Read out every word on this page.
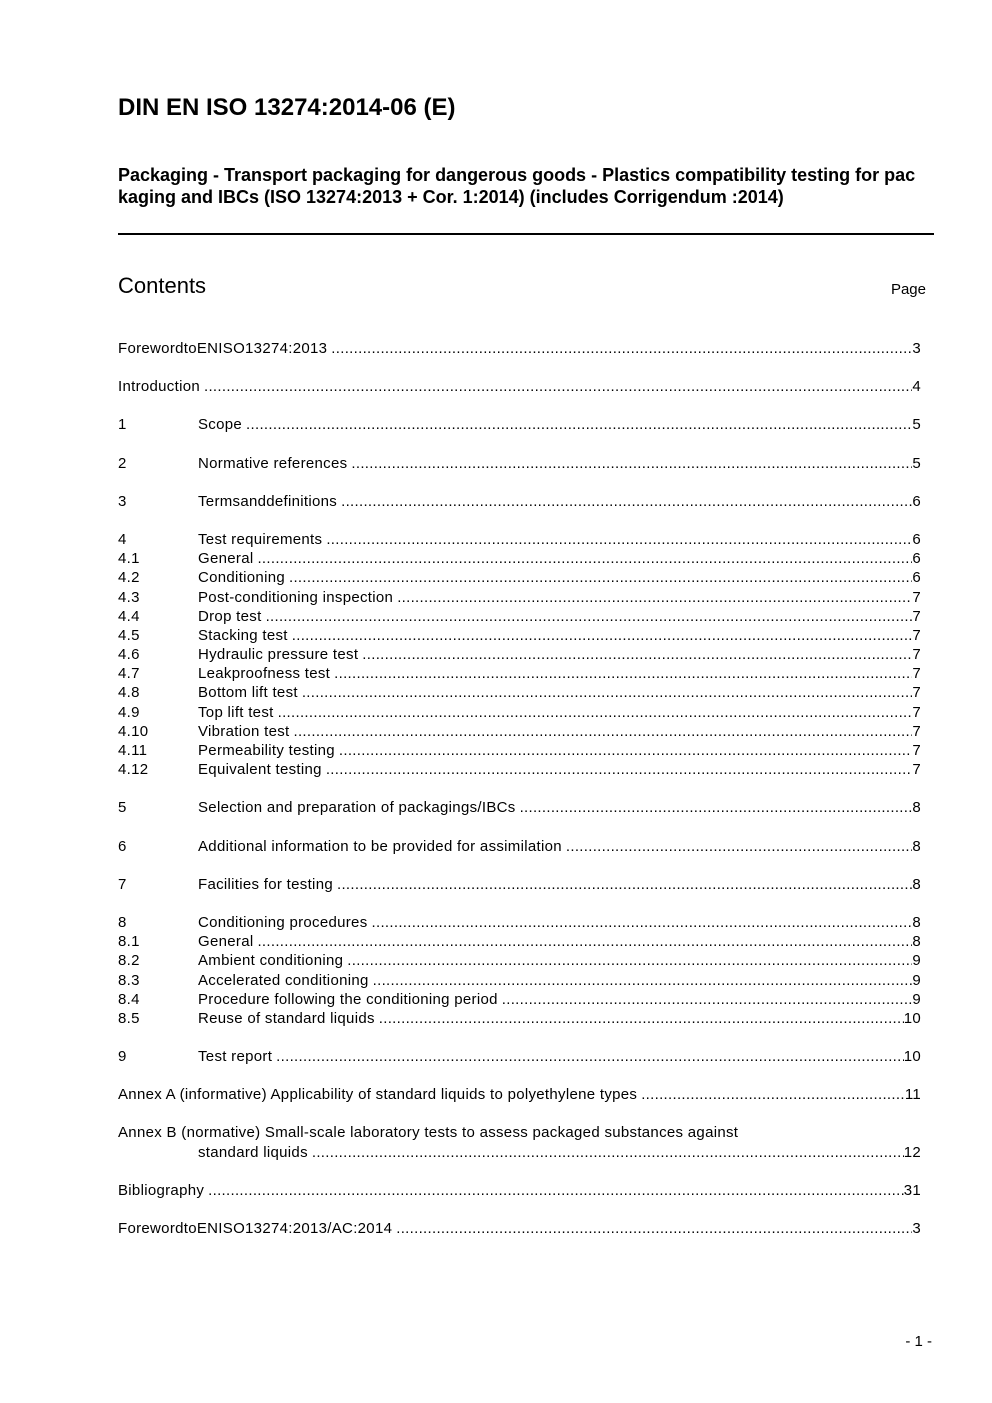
DIN EN ISO 13274:2014-06 (E)
Packaging - Transport packaging for dangerous goods - Plastics compatibility testing for packaging and IBCs (ISO 13274:2013 + Cor. 1:2014) (includes Corrigendum :2014)
Contents	Page
ForewordtoENISO13274:2013 .....	3
Introduction .....	4
1	Scope .....	5
2	Normative references .....	5
3	Termsanddefinitions .....	6
4	Test requirements .....	6
4.1	General .....	6
4.2	Conditioning .....	6
4.3	Post-conditioning inspection .....	7
4.4	Drop test .....	7
4.5	Stacking test .....	7
4.6	Hydraulic pressure test .....	7
4.7	Leakproofness test .....	7
4.8	Bottom lift test .....	7
4.9	Top lift test .....	7
4.10	Vibration test .....	7
4.11	Permeability testing .....	7
4.12	Equivalent testing .....	7
5	Selection and preparation of packagings/IBCs .....	8
6	Additional information to be provided for assimilation .....	8
7	Facilities for testing .....	8
8	Conditioning procedures .....	8
8.1	General .....	8
8.2	Ambient conditioning .....	9
8.3	Accelerated conditioning .....	9
8.4	Procedure following the conditioning period .....	9
8.5	Reuse of standard liquids .....	10
9	Test report .....	10
Annex A (informative) Applicability of standard liquids to polyethylene types .....	11
Annex B (normative) Small-scale laboratory tests to assess packaged substances against
standard liquids .....	12
Bibliography .....	31
ForewordtoENISO13274:2013/AC:2014 .....	3
- 1 -
